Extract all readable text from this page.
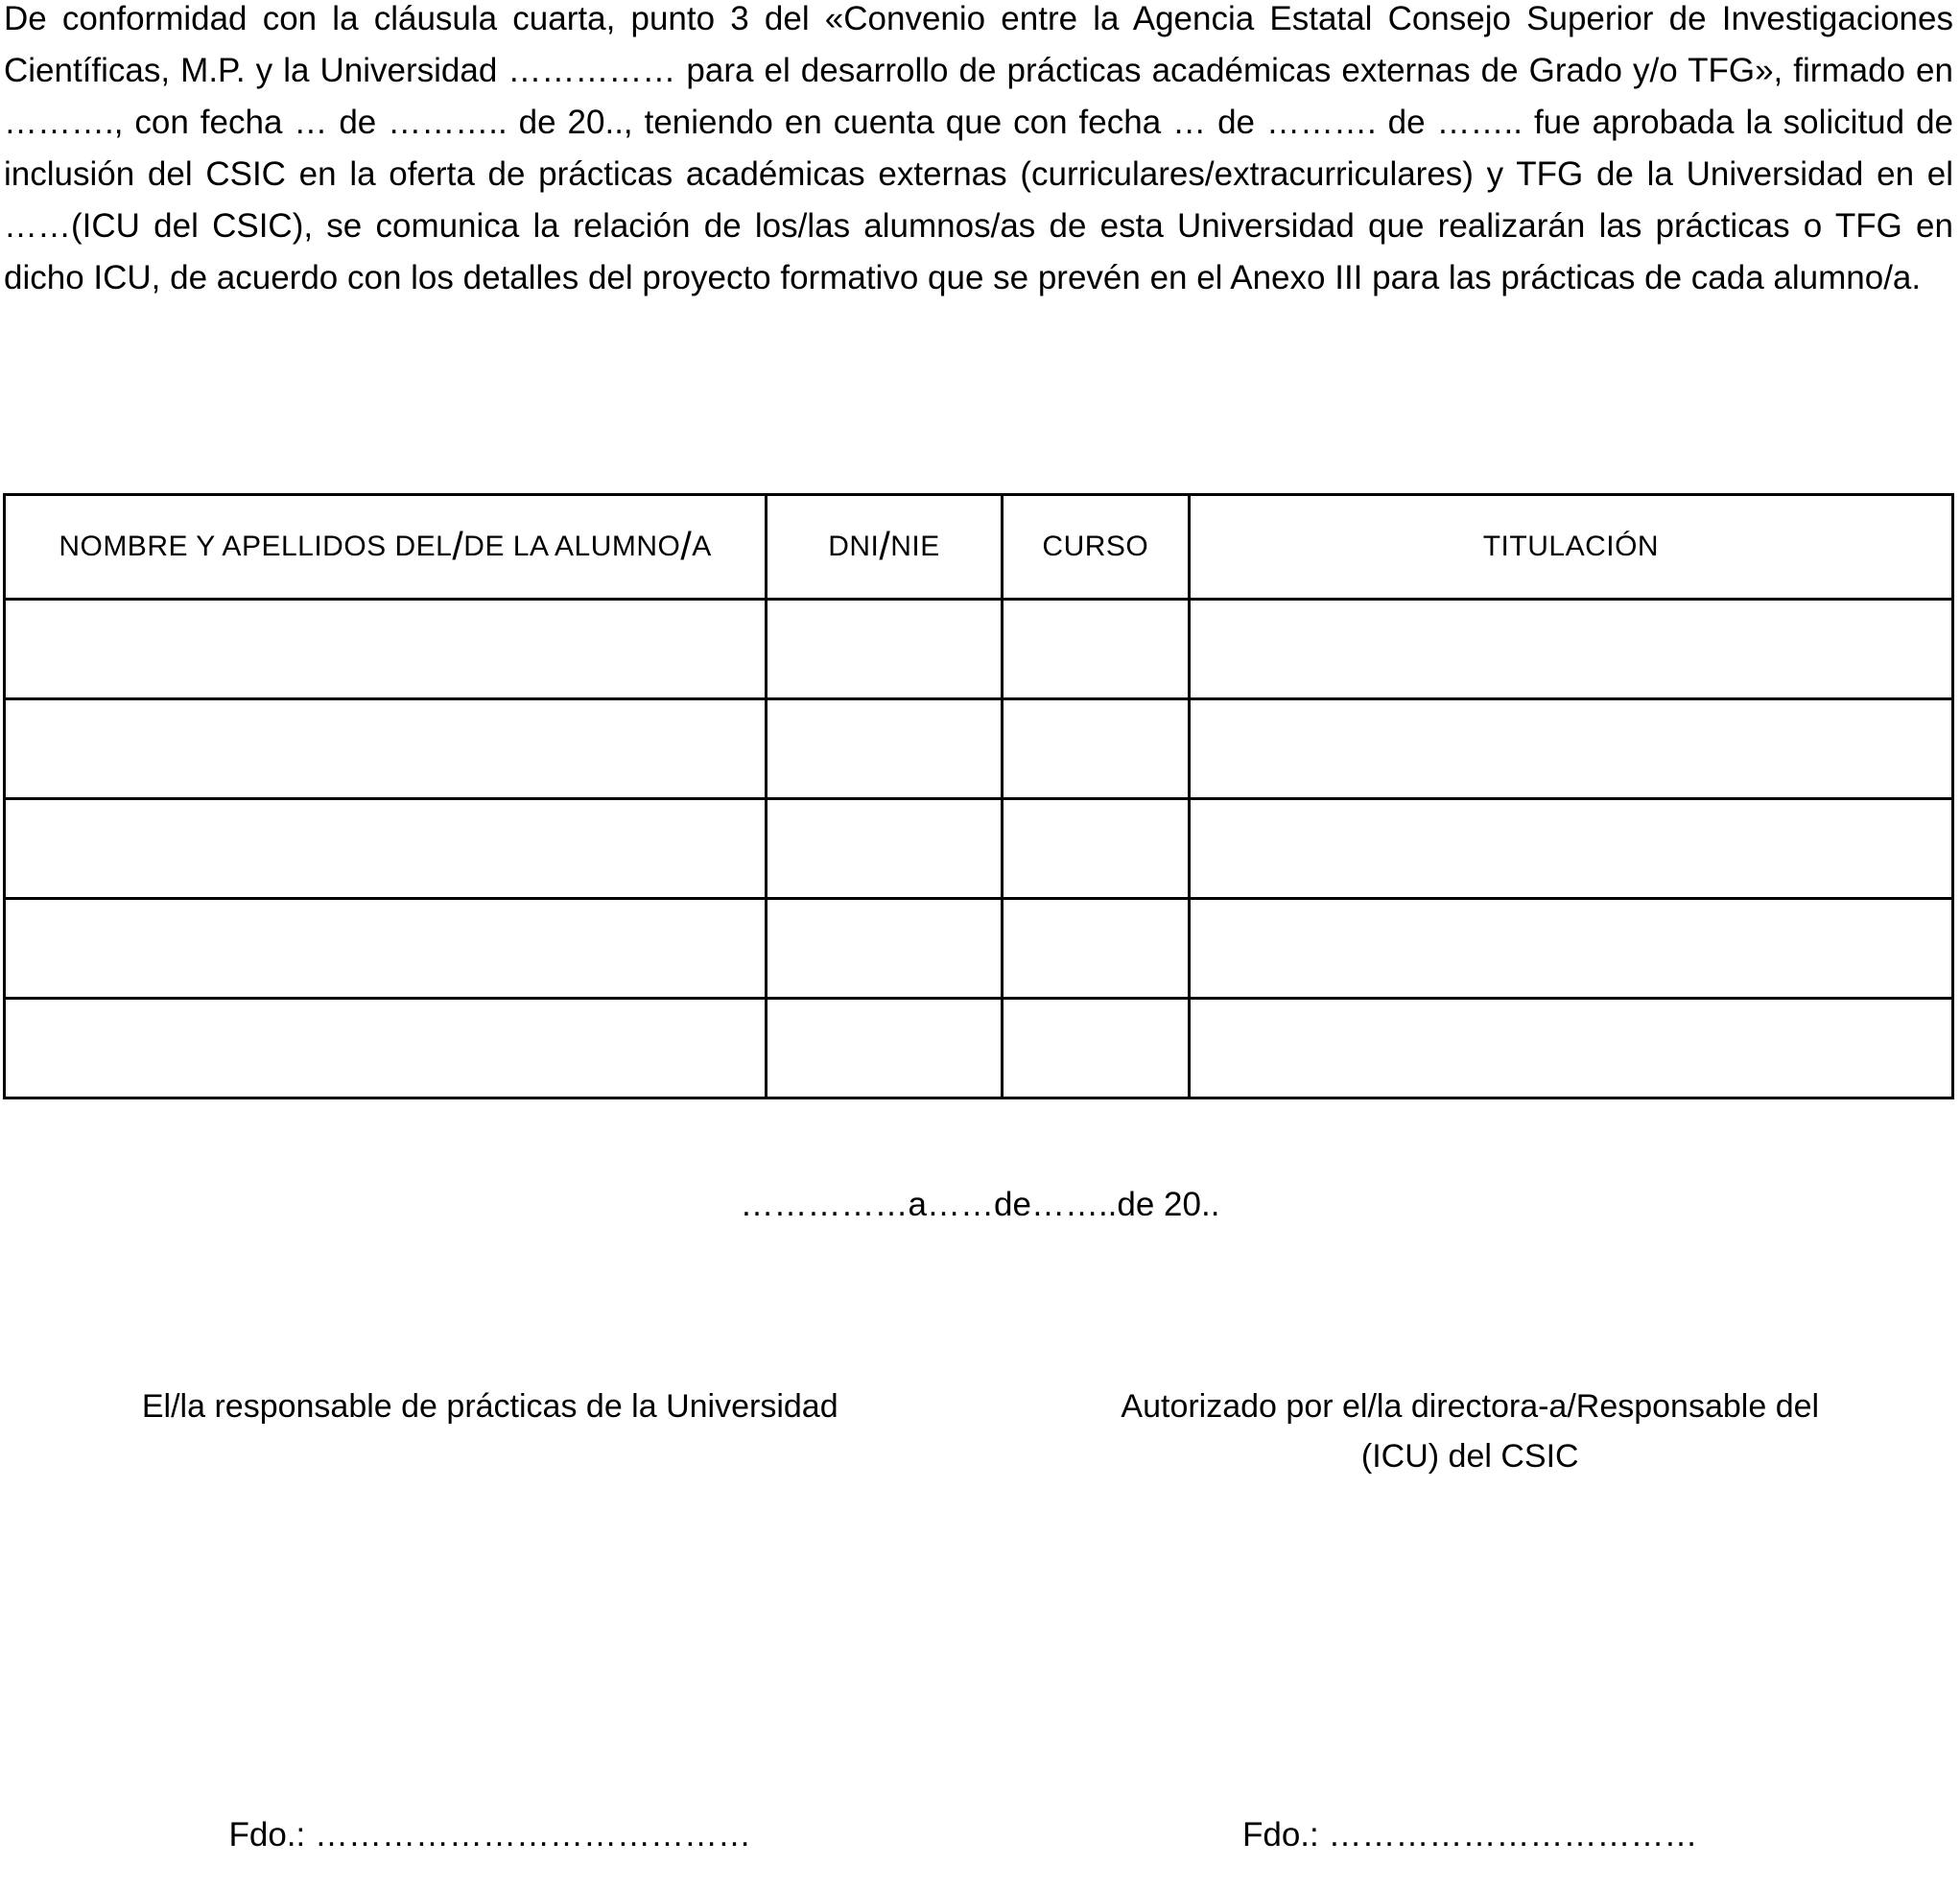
De conformidad con la cláusula cuarta, punto 3 del «Convenio entre la Agencia Estatal Consejo Superior de Investigaciones Científicas, M.P. y la Universidad …………… para el desarrollo de prácticas académicas externas de Grado y/o TFG», firmado en ………., con fecha … de ……….. de 20.., teniendo en cuenta que con fecha … de ………. de …….. fue aprobada la solicitud de inclusión del CSIC en la oferta de prácticas académicas externas (curriculares/extracurriculares) y TFG de la Universidad en el ……(ICU del CSIC), se comunica la relación de los/las alumnos/as de esta Universidad que realizarán las prácticas o TFG en dicho ICU, de acuerdo con los detalles del proyecto formativo que se prevén en el Anexo III para las prácticas de cada alumno/a.
NOMBRE Y APELLIDOS DEL/DE LA ALUMNO/A	DNI/NIE	CURSO	TITULACIÓN

……………a……de……..de 20..
El/la responsable de prácticas de la Universidad	Autorizado por el/la directora-a/Responsable del
(ICU) del CSIC
Fdo.: …………………………………	Fdo.: ……………………………
